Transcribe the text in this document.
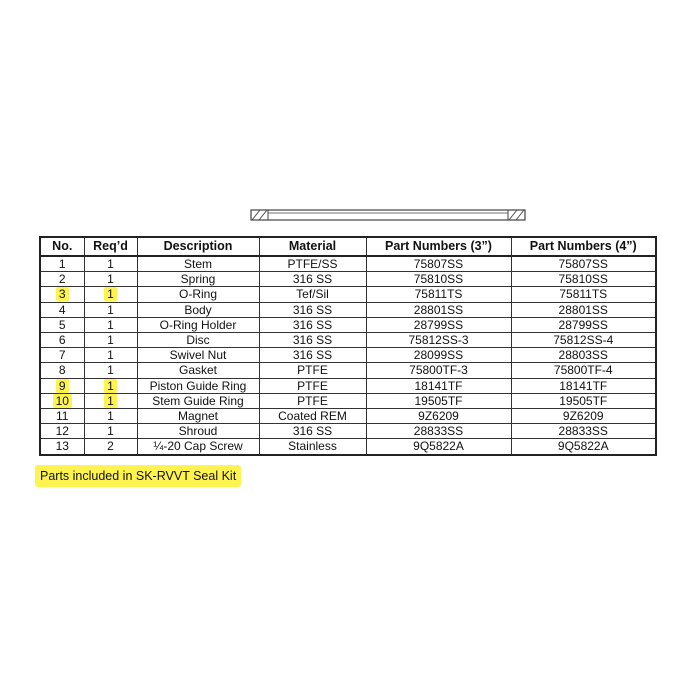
No.	Req’d	Description	Material	Part Numbers (3”)	Part Numbers (4”)
1	1	Stem	PTFE/SS	75807SS	75807SS
2	1	Spring	316 SS	75810SS	75810SS
3	1	O-Ring	Tef/Sil	75811TS	75811TS
4	1	Body	316 SS	28801SS	28801SS
5	1	O-Ring Holder	316 SS	28799SS	28799SS
6	1	Disc	316 SS	75812SS-3	75812SS-4
7	1	Swivel Nut	316 SS	28099SS	28803SS
8	1	Gasket	PTFE	75800TF-3	75800TF-4
9	1	Piston Guide Ring	PTFE	18141TF	18141TF
10	1	Stem Guide Ring	PTFE	19505TF	19505TF
11	1	Magnet	Coated REM	9Z6209	9Z6209
12	1	Shroud	316 SS	28833SS	28833SS
13	2	¼-20 Cap Screw	Stainless	9Q5822A	9Q5822A
Parts included in SK-RVVT Seal Kit
